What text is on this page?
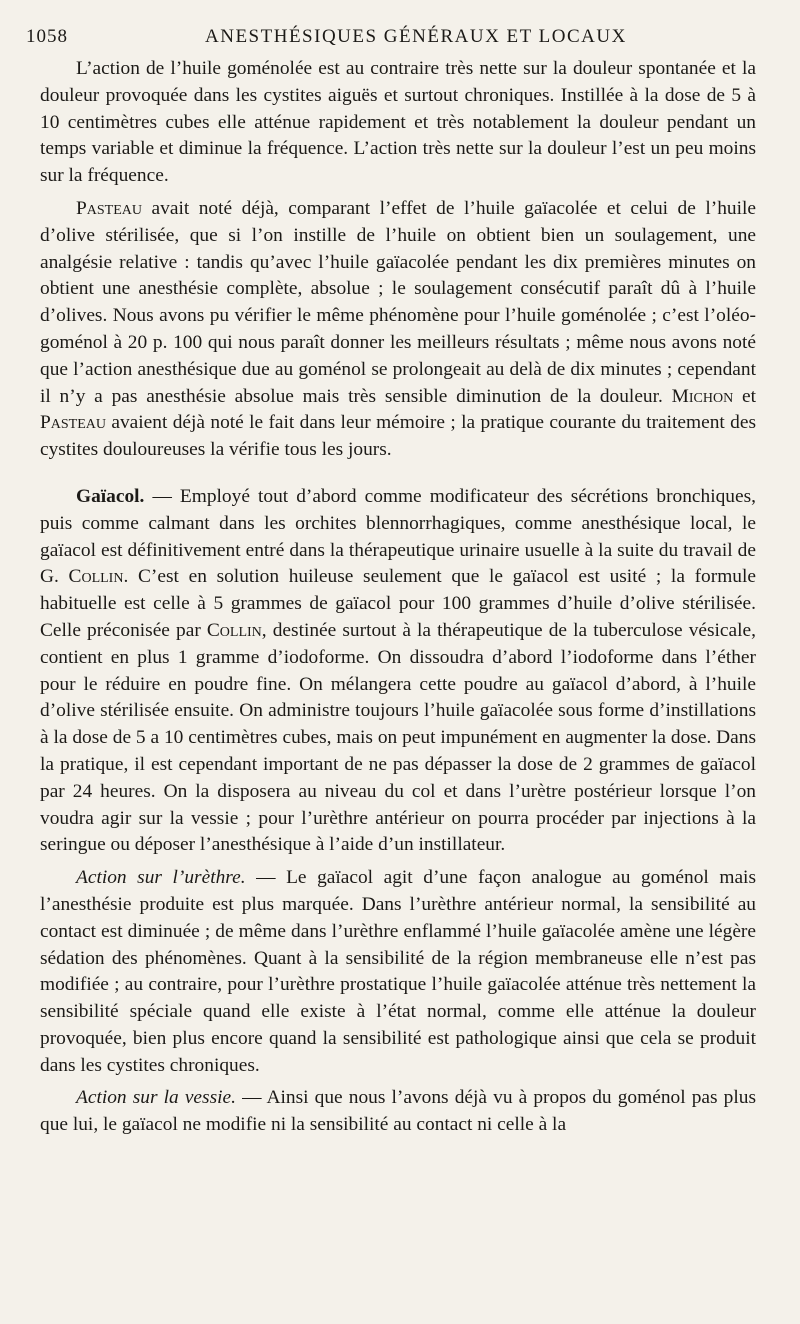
1058	ANESTHÉSIQUES GÉNÉRAUX ET LOCAUX

L’action de l’huile goménolée est au contraire très nette sur la douleur spontanée et la douleur provoquée dans les cystites aiguës et surtout chroniques. Instillée à la dose de 5 à 10 centimètres cubes elle atténue rapidement et très notablement la douleur pendant un temps variable et diminue la fréquence. L’action très nette sur la douleur l’est un peu moins sur la fréquence.

Pasteau avait noté déjà, comparant l’effet de l’huile gaïacolée et celui de l’huile d’olive stérilisée, que si l’on instille de l’huile on obtient bien un soulagement, une analgésie relative : tandis qu’avec l’huile gaïacolée pendant les dix premières minutes on obtient une anesthésie complète, absolue ; le soulagement consécutif paraît dû à l’huile d’olives. Nous avons pu vérifier le même phénomène pour l’huile goménolée ; c’est l’oléo-goménol à 20 p. 100 qui nous paraît donner les meilleurs résultats ; même nous avons noté que l’action anesthésique due au goménol se prolongeait au delà de dix minutes ; cependant il n’y a pas anesthésie absolue mais très sensible diminution de la douleur. Michon et Pasteau avaient déjà noté le fait dans leur mémoire ; la pratique courante du traitement des cystites douloureuses la vérifie tous les jours.

Gaïacol. — Employé tout d’abord comme modificateur des sécrétions bronchiques, puis comme calmant dans les orchites blennorrhagiques, comme anesthésique local, le gaïacol est définitivement entré dans la thérapeutique urinaire usuelle à la suite du travail de G. Collin. C’est en solution huileuse seulement que le gaïacol est usité ; la formule habituelle est celle à 5 grammes de gaïacol pour 100 grammes d’huile d’olive stérilisée. Celle préconisée par Collin, destinée surtout à la thérapeutique de la tuberculose vésicale, contient en plus 1 gramme d’iodoforme. On dissoudra d’abord l’iodoforme dans l’éther pour le réduire en poudre fine. On mélangera cette poudre au gaïacol d’abord, à l’huile d’olive stérilisée ensuite. On administre toujours l’huile gaïacolée sous forme d’instillations à la dose de 5 a 10 centimètres cubes, mais on peut impunément en augmenter la dose. Dans la pratique, il est cependant important de ne pas dépasser la dose de 2 grammes de gaïacol par 24 heures. On la disposera au niveau du col et dans l’urètre postérieur lorsque l’on voudra agir sur la vessie ; pour l’urèthre antérieur on pourra procéder par injections à la seringue ou déposer l’anesthésique à l’aide d’un instillateur.

Action sur l’urèthre. — Le gaïacol agit d’une façon analogue au goménol mais l’anesthésie produite est plus marquée. Dans l’urèthre antérieur normal, la sensibilité au contact est diminuée ; de même dans l’urèthre enflammé l’huile gaïacolée amène une légère sédation des phénomènes. Quant à la sensibilité de la région membraneuse elle n’est pas modifiée ; au contraire, pour l’urèthre prostatique l’huile gaïacolée atténue très nettement la sensibilité spéciale quand elle existe à l’état normal, comme elle atténue la douleur provoquée, bien plus encore quand la sensibilité est pathologique ainsi que cela se produit dans les cystites chroniques.

Action sur la vessie. — Ainsi que nous l’avons déjà vu à propos du goménol pas plus que lui, le gaïacol ne modifie ni la sensibilité au contact ni celle à la
